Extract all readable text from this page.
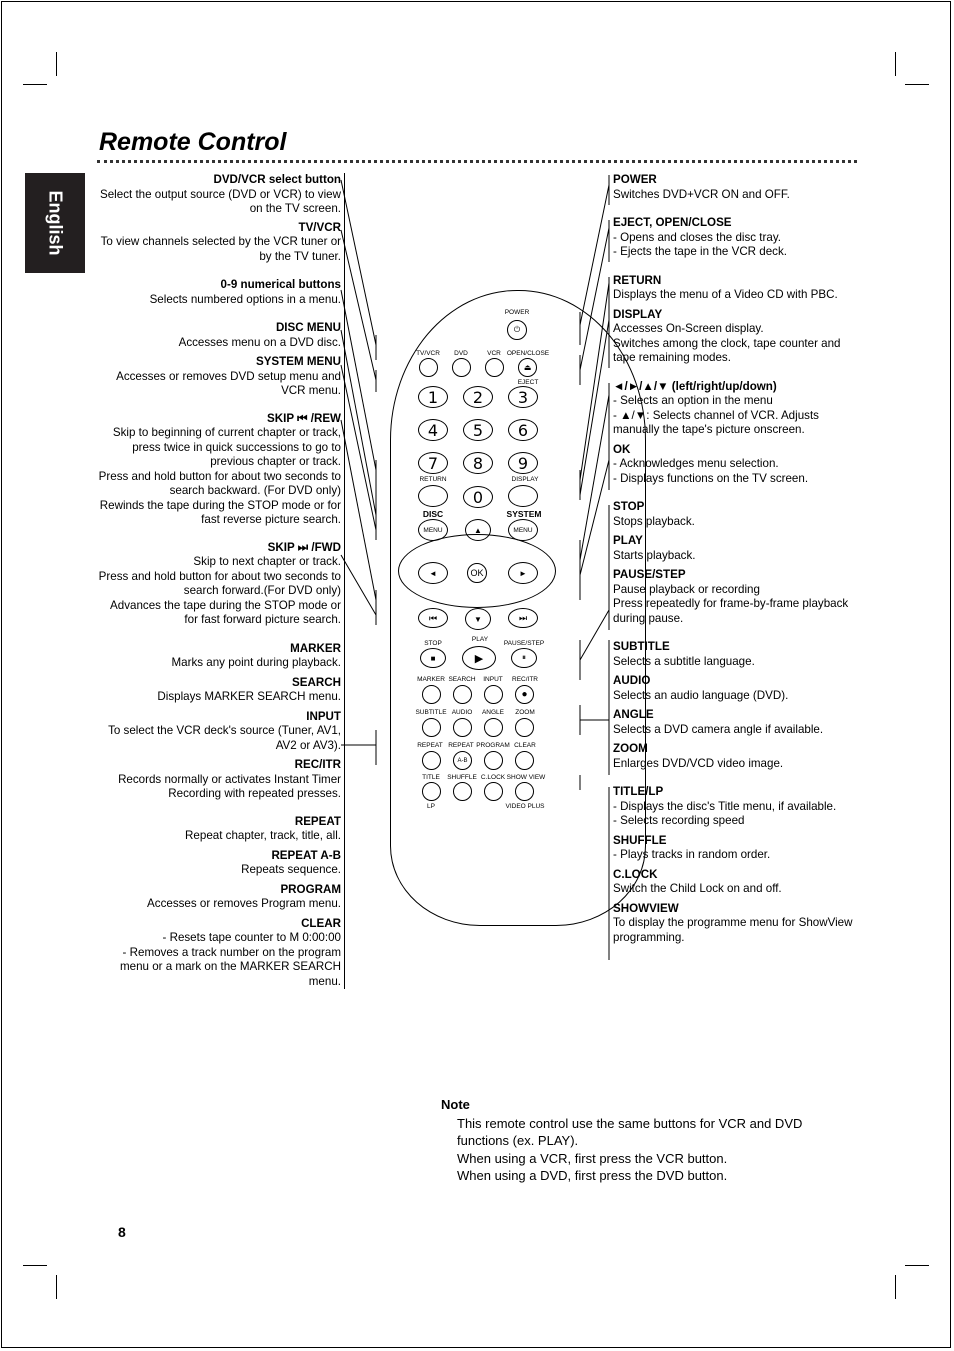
Remote Control
English
DVD/VCR select button
Select the output source (DVD or VCR) to view on the TV screen.
TV/VCR
To view channels selected by the VCR tuner or by the TV tuner.
0-9 numerical buttons
Selects numbered options in a menu.
DISC MENU
Accesses menu on a DVD disc.
SYSTEM MENU
Accesses or removes DVD setup menu and VCR menu.
SKIP ⏮ /REW
Skip to beginning of current chapter or track, press twice in quick successions to go to previous chapter or track.
Press and hold button for about two seconds to search backward. (For DVD only)
Rewinds the tape during the STOP mode or for fast reverse picture search.
SKIP ⏭ /FWD
Skip to next chapter or track.
Press and hold button for about two seconds to search forward.(For DVD only)
Advances the tape during the STOP mode or for fast forward picture search.
MARKER
Marks any point during playback.
SEARCH
Displays MARKER SEARCH menu.
INPUT
To select the VCR deck's source (Tuner, AV1, AV2 or AV3).
REC/ITR
Records normally or activates Instant Timer Recording with repeated presses.
REPEAT
Repeat chapter, track, title, all.
REPEAT A-B
Repeats sequence.
PROGRAM
Accesses or removes Program menu.
CLEAR
- Resets tape counter to M 0:00:00
- Removes a track number on the program menu or a mark on the MARKER SEARCH menu.
POWER
Switches DVD+VCR ON and OFF.
EJECT, OPEN/CLOSE
- Opens and closes the disc tray.
- Ejects the tape in the VCR deck.
RETURN
Displays the menu of a Video CD with PBC.
DISPLAY
Accesses On-Screen display.
Switches among the clock, tape counter and tape remaining modes.
◄/►/▲/▼ (left/right/up/down)
- Selects an option in the menu
- ▲/▼: Selects channel of VCR. Adjusts manually the tape's picture onscreen.
OK
- Acknowledges menu selection.
- Displays functions on the TV screen.
STOP
Stops playback.
PLAY
Starts playback.
PAUSE/STEP
Pause playback or recording
Press repeatedly for frame-by-frame playback during pause.
SUBTITLE
Selects a subtitle language.
AUDIO
Selects an audio language (DVD).
ANGLE
Selects a DVD camera angle if available.
ZOOM
Enlarges DVD/VCD video image.
TITLE/LP
- Displays the disc's Title menu, if available.
- Selects recording speed
SHUFFLE
- Plays tracks in random order.
C.LOCK
Switch the Child Lock on and off.
SHOWVIEW
To display the programme menu for ShowView programming.
POWER
⏻
TV/VCR DVD	VCR OPEN/CLOSE
⏏
EJECT
1	2	3
4	5	6
7	8	9
RETURN	DISPLAY
0
DISC	SYSTEM
MENU	▲	MENU
◄	OK	►
⏮	▼	⏭
STOP
PLAY
PAUSE/STEP
■	▶	⏸
MARKER SEARCH INPUT REC/ITR
●
SUBTITLE AUDIO ANGLE ZOOM
REPEAT REPEAT PROGRAM CLEAR
A-B
TITLE SHUFFLE C.LOCK SHOW VIEW
LP	VIDEO PLUS
Note
This remote control use the same buttons for VCR and DVD functions (ex. PLAY).
When using a VCR, first press the VCR button.
When using a DVD, first press the DVD button.
8
